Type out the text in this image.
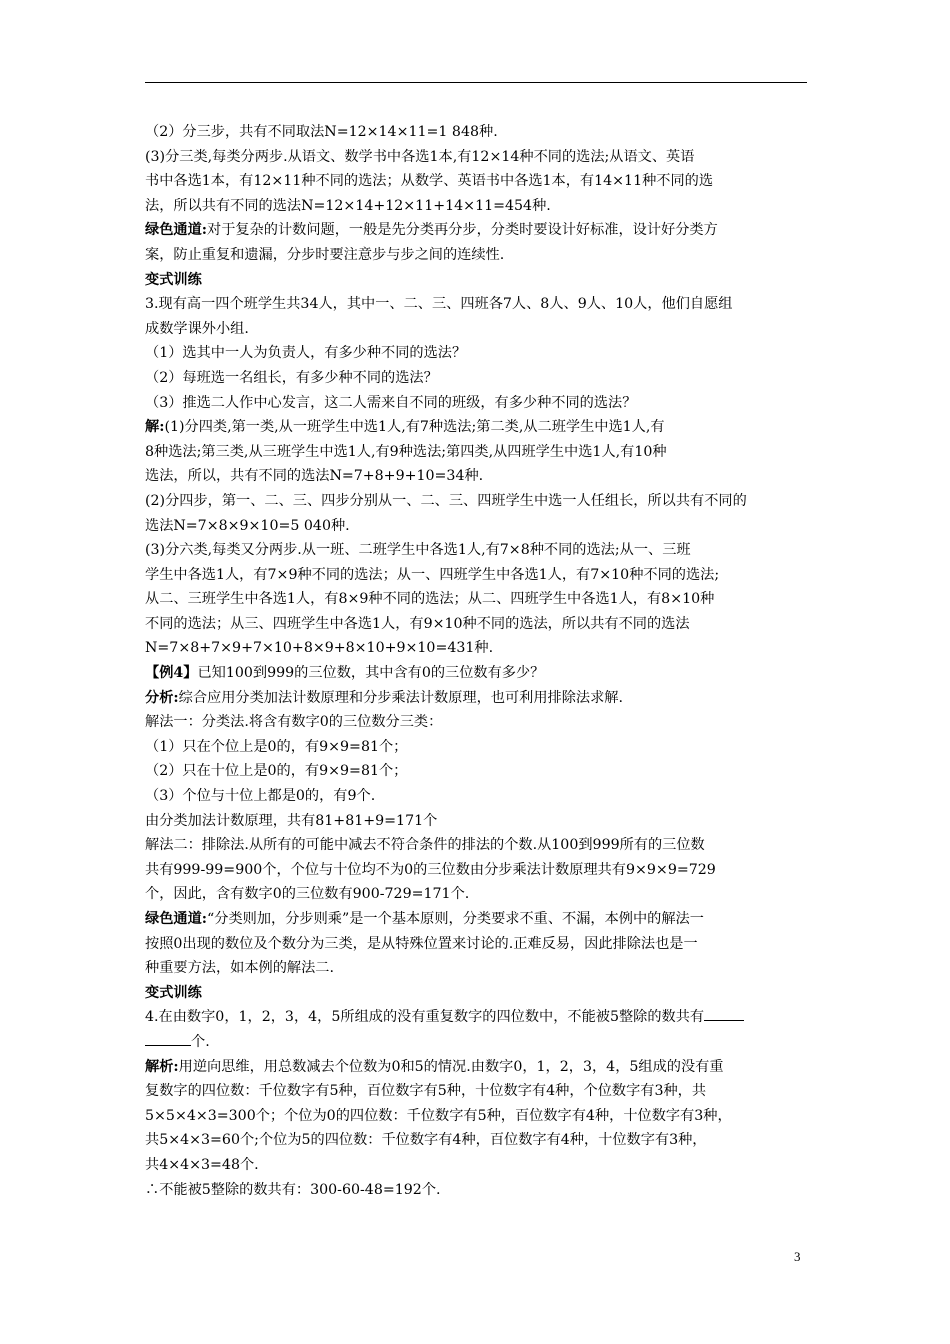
（2）分三步，共有不同取法N=12×14×11=1 848种.
(3)分三类,每类分两步.从语文、数学书中各选1本,有12×14种不同的选法;从语文、英语
书中各选1本，有12×11种不同的选法；从数学、英语书中各选1本，有14×11种不同的选
法，所以共有不同的选法N=12×14+12×11+14×11=454种.
绿色通道:对于复杂的计数问题，一般是先分类再分步，分类时要设计好标准，设计好分类方
案，防止重复和遗漏，分步时要注意步与步之间的连续性.
变式训练
3.现有高一四个班学生共34人，其中一、二、三、四班各7人、8人、9人、10人，他们自愿组
成数学课外小组.
（1）选其中一人为负责人，有多少种不同的选法？
（2）每班选一名组长，有多少种不同的选法？
（3）推选二人作中心发言，这二人需来自不同的班级，有多少种不同的选法？
解:(1)分四类,第一类,从一班学生中选1人,有7种选法;第二类,从二班学生中选1人,有
8种选法;第三类,从三班学生中选1人,有9种选法;第四类,从四班学生中选1人,有10种
选法，所以，共有不同的选法N=7+8+9+10=34种.
(2)分四步，第一、二、三、四步分别从一、二、三、四班学生中选一人任组长，所以共有不同的
选法N=7×8×9×10=5 040种.
(3)分六类,每类又分两步.从一班、二班学生中各选1人,有7×8种不同的选法;从一、三班
学生中各选1人，有7×9种不同的选法；从一、四班学生中各选1人，有7×10种不同的选法;
从二、三班学生中各选1人，有8×9种不同的选法；从二、四班学生中各选1人，有8×10种
不同的选法；从三、四班学生中各选1人，有9×10种不同的选法，所以共有不同的选法
N=7×8+7×9+7×10+8×9+8×10+9×10=431种.
【例4】已知100到999的三位数，其中含有0的三位数有多少？
分析:综合应用分类加法计数原理和分步乘法计数原理，也可利用排除法求解.
解法一：分类法.将含有数字0的三位数分三类：
（1）只在个位上是0的，有9×9=81个；
（2）只在十位上是0的，有9×9=81个；
（3）个位与十位上都是0的，有9个.
由分类加法计数原理，共有81+81+9=171个
解法二：排除法.从所有的可能中减去不符合条件的排法的个数.从100到999所有的三位数
共有999-99=900个，个位与十位均不为0的三位数由分步乘法计数原理共有9×9×9=729
个，因此，含有数字0的三位数有900-729=171个.
绿色通道:“分类则加，分步则乘”是一个基本原则，分类要求不重、不漏，本例中的解法一
按照0出现的数位及个数分为三类，是从特殊位置来讨论的.正难反易，因此排除法也是一
种重要方法，如本例的解法二.
变式训练
4.在由数字0，1，2，3，4，5所组成的没有重复数字的四位数中，不能被5整除的数共有
个.
解析:用逆向思维，用总数减去个位数为0和5的情况.由数字0，1，2，3，4，5组成的没有重
复数字的四位数：千位数字有5种，百位数字有5种，十位数字有4种，个位数字有3种，共
5×5×4×3=300个；个位为0的四位数：千位数字有5种，百位数字有4种，十位数字有3种，
共5×4×3=60个;个位为5的四位数：千位数字有4种，百位数字有4种，十位数字有3种，
共4×4×3=48个.
∴不能被5整除的数共有：300-60-48=192个.
3
